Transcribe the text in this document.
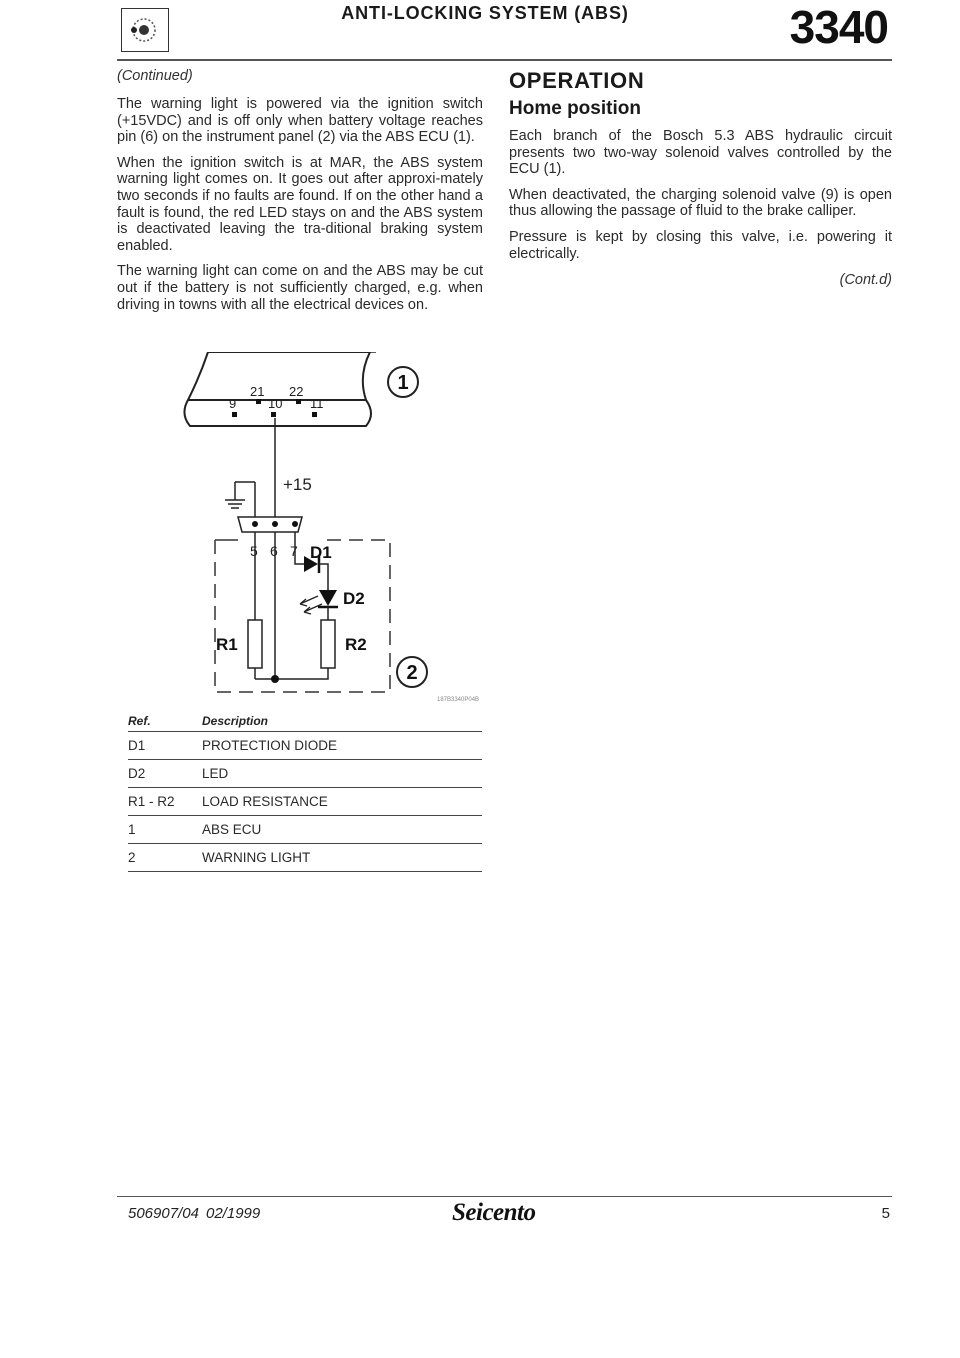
ANTI-LOCKING SYSTEM (ABS)	3340
(Continued)

The warning light is powered via the ignition switch (+15VDC) and is off only when battery voltage reaches pin (6) on the instrument panel (2) via the ABS ECU (1).

When the ignition switch is at MAR, the ABS system warning light comes on. It goes out after approxi-mately two seconds if no faults are found. If on the other hand a fault is found, the red LED stays on and the ABS system is deactivated leaving the tra-ditional braking system enabled.

The warning light can come on and the ABS may be cut out if the battery is not sufficiently charged, e.g. when driving in towns with all the electrical devices on.

OPERATION
Home position

Each branch of the Bosch 5.3 ABS hydraulic circuit presents two two-way solenoid valves controlled by the ECU (1).

When deactivated, the charging solenoid valve (9) is open thus allowing the passage of fluid to the brake calliper.

Pressure is kept by closing this valve, i.e. powering it electrically.

(Cont.d)
21 22
9 10 11
1
+15
5 6 7 D1
D2
R2
R1
2
187B3340P04B
Ref.	Description
D1	PROTECTION DIODE
D2	LED
R1 - R2	LOAD RESISTANCE
1	ABS ECU
2	WARNING LIGHT
506907/04 02/1999	Seicento	5
